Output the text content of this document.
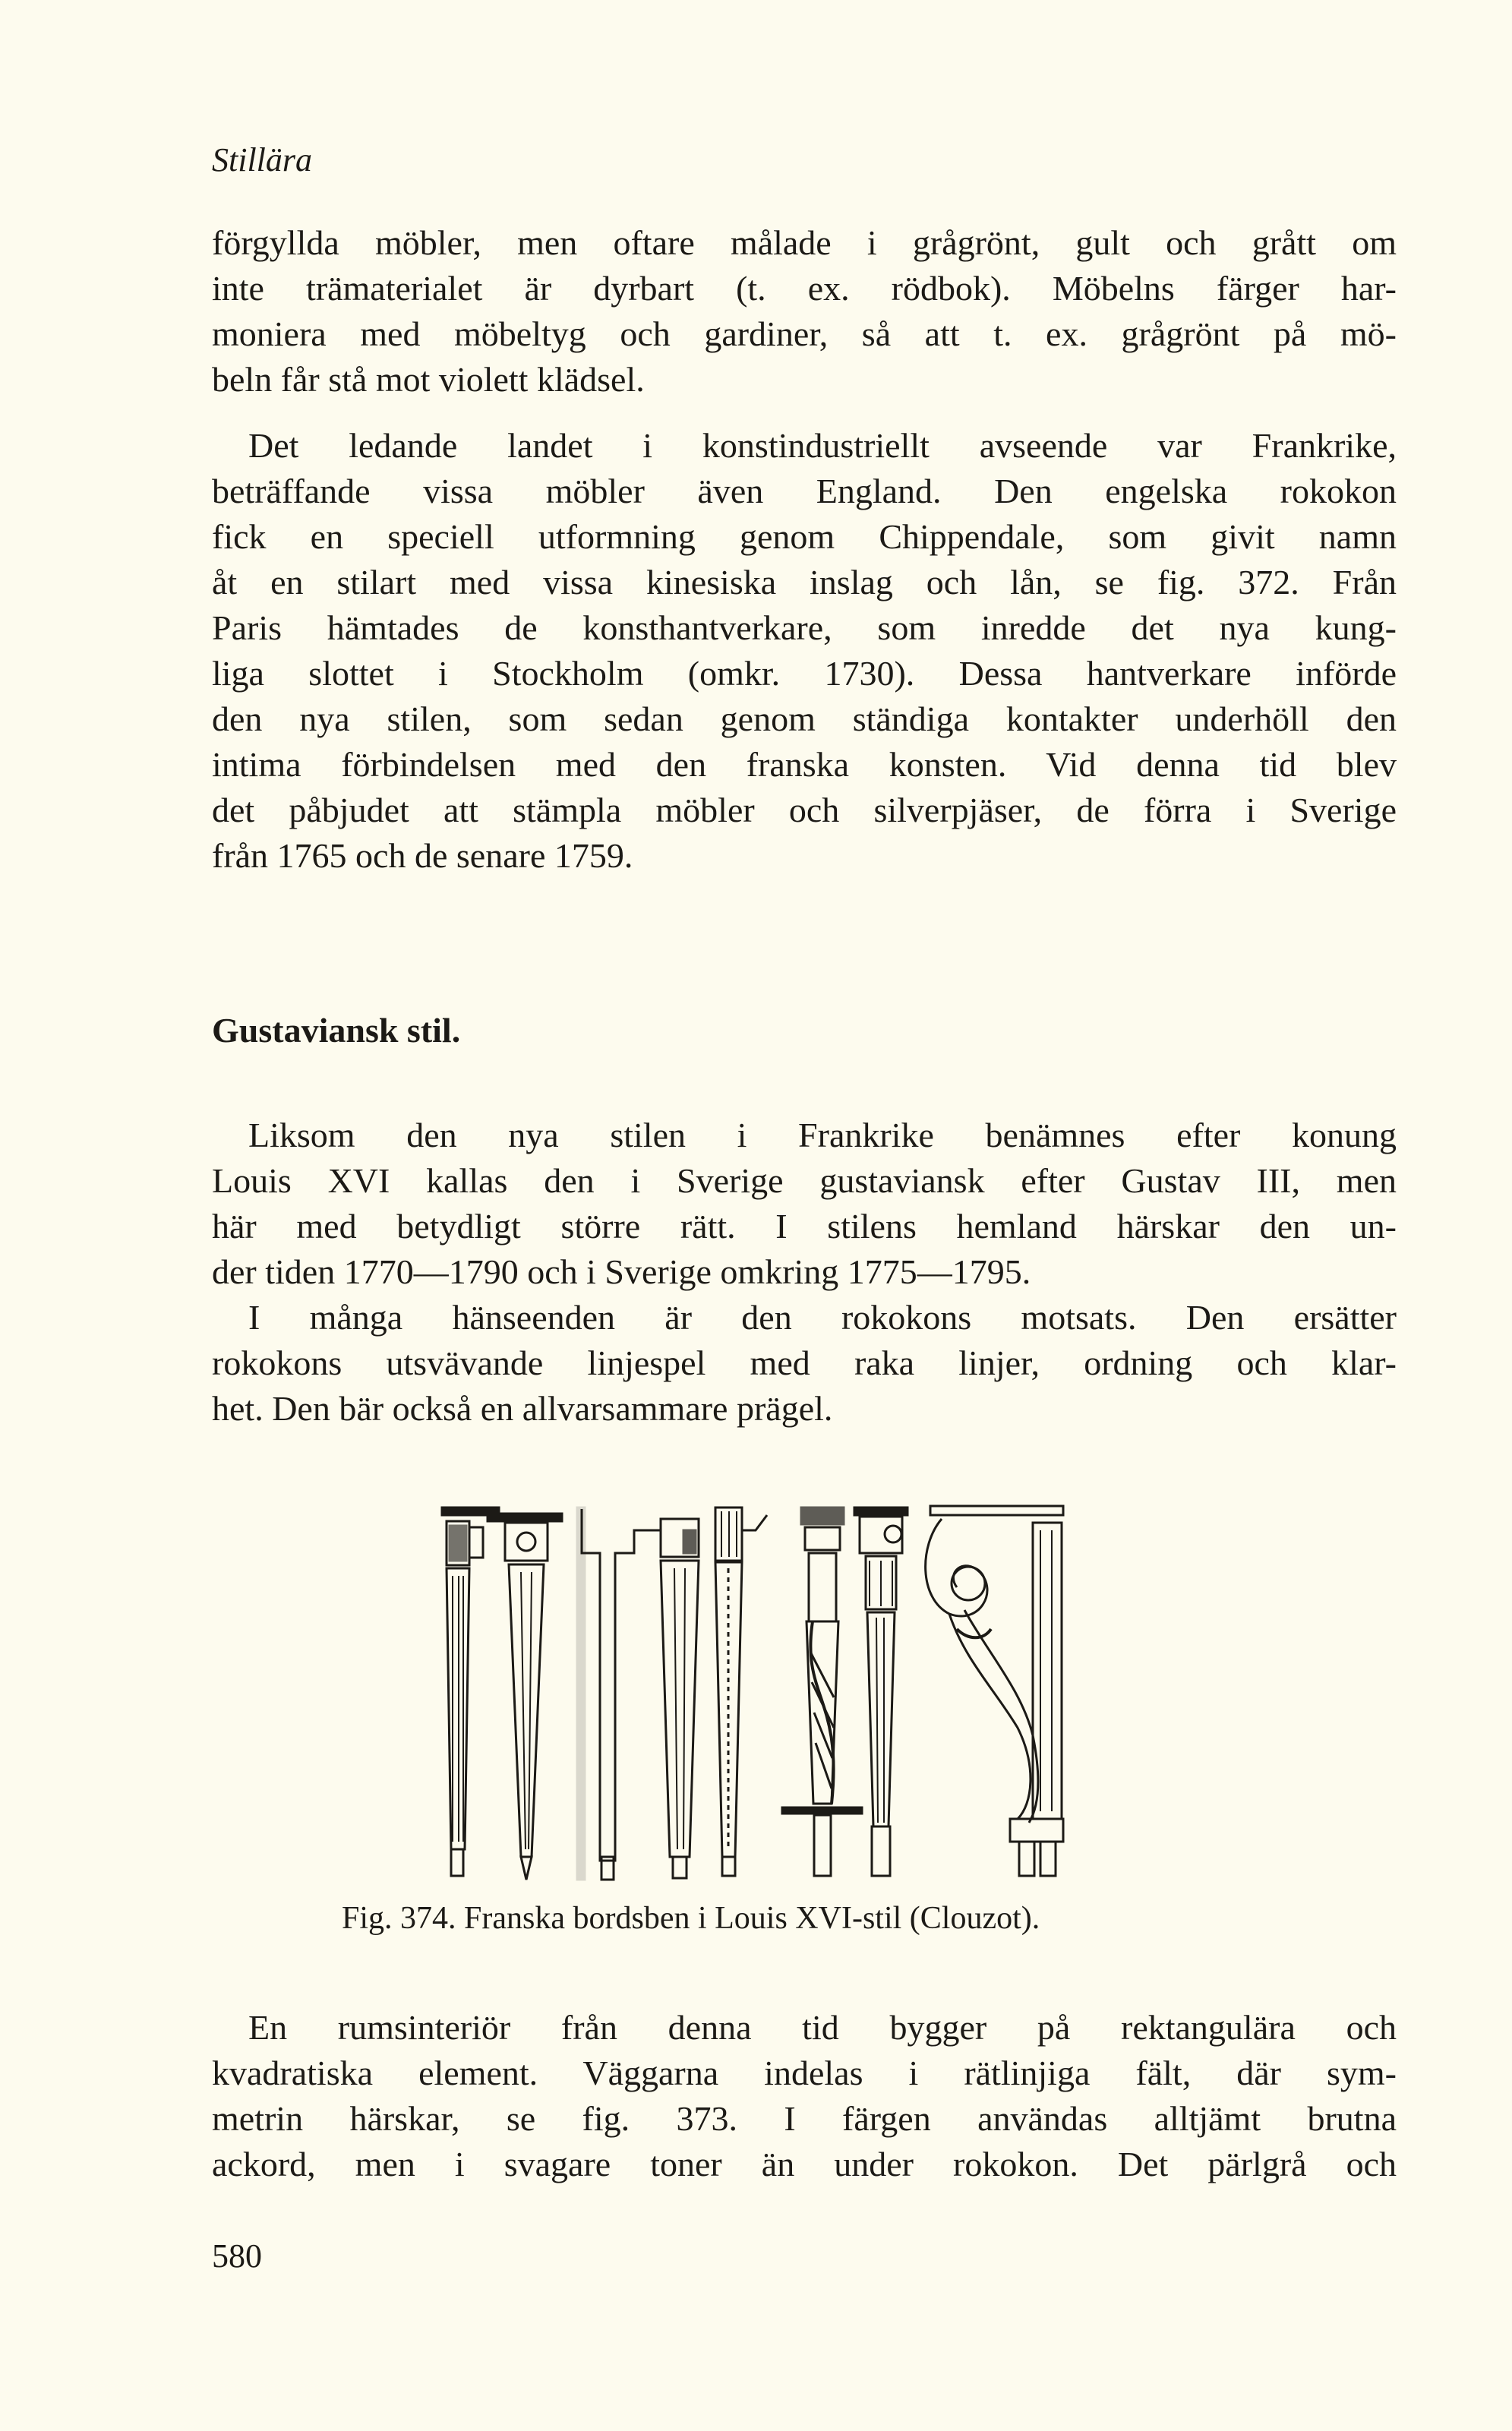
Stillära
förgyllda möbler, men oftare målade i grågrönt, gult och grått om
inte trämaterialet är dyrbart (t. ex. rödbok). Möbelns färger har-
moniera med möbeltyg och gardiner, så att t. ex. grågrönt på mö-
beln får stå mot violett klädsel.
Det ledande landet i konstindustriellt avseende var Frankrike,
beträffande vissa möbler även England. Den engelska rokokon
fick en speciell utformning genom Chippendale, som givit namn
åt en stilart med vissa kinesiska inslag och lån, se fig. 372. Från
Paris hämtades de konsthantverkare, som inredde det nya kung-
liga slottet i Stockholm (omkr. 1730). Dessa hantverkare införde
den nya stilen, som sedan genom ständiga kontakter underhöll den
intima förbindelsen med den franska konsten. Vid denna tid blev
det påbjudet att stämpla möbler och silverpjäser, de förra i Sverige
från 1765 och de senare 1759.
Gustaviansk stil.
Liksom den nya stilen i Frankrike benämnes efter konung
Louis XVI kallas den i Sverige gustaviansk efter Gustav III, men
här med betydligt större rätt. I stilens hemland härskar den un-
der tiden 1770—1790 och i Sverige omkring 1775—1795.
I många hänseenden är den rokokons motsats. Den ersätter
rokokons utsvävande linjespel med raka linjer, ordning och klar-
het. Den bär också en allvarsammare prägel.
Fig. 374. Franska bordsben i Louis XVI-stil (Clouzot).
En rumsinteriör från denna tid bygger på rektangulära och
kvadratiska element. Väggarna indelas i rätlinjiga fält, där sym-
metrin härskar, se fig. 373. I färgen användas alltjämt brutna
ackord, men i svagare toner än under rokokon. Det pärlgrå och
580
